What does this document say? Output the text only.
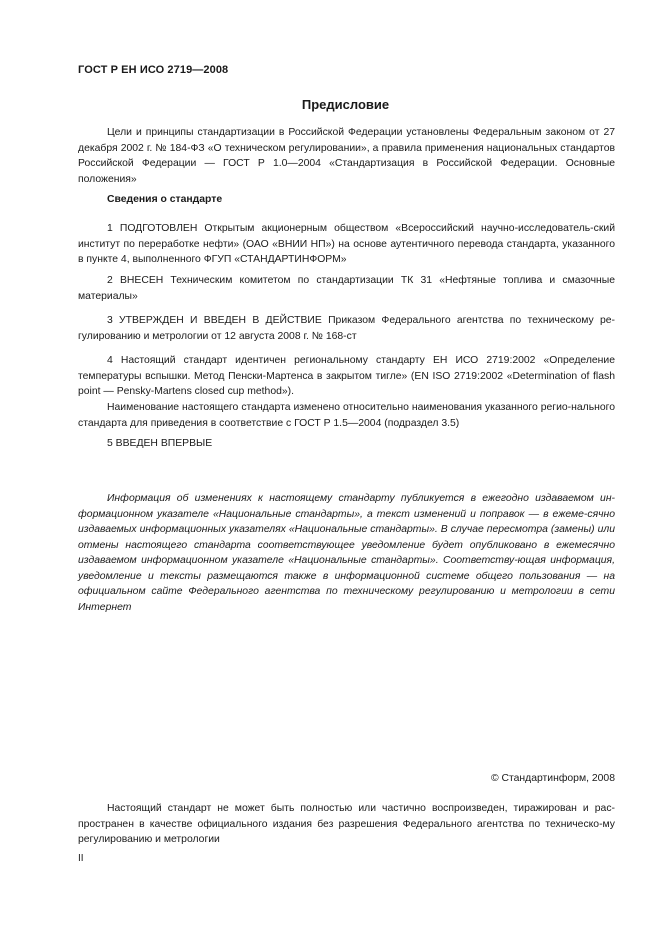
ГОСТ Р ЕН ИСО 2719—2008
Предисловие
Цели и принципы стандартизации в Российской Федерации установлены Федеральным законом от 27 декабря 2002 г. № 184-ФЗ «О техническом регулировании», а правила применения национальных стандартов Российской Федерации — ГОСТ Р 1.0—2004 «Стандартизация в Российской Федерации. Основные положения»
Сведения о стандарте
1 ПОДГОТОВЛЕН Открытым акционерным обществом «Всероссийский научно-исследователь-ский институт по переработке нефти» (ОАО «ВНИИ НП») на основе аутентичного перевода стандарта, указанного в пункте 4, выполненного ФГУП «СТАНДАРТИНФОРМ»
2 ВНЕСЕН Техническим комитетом по стандартизации ТК 31 «Нефтяные топлива и смазочные материалы»
3 УТВЕРЖДЕН И ВВЕДЕН В ДЕЙСТВИЕ Приказом Федерального агентства по техническому ре-гулированию и метрологии от 12 августа 2008 г. № 168-ст
4 Настоящий стандарт идентичен региональному стандарту ЕН ИСО 2719:2002 «Определение температуры вспышки. Метод Пенски-Мартенса в закрытом тигле» (EN ISO 2719:2002 «Determination of flash point — Pensky-Martens closed cup method»).
Наименование настоящего стандарта изменено относительно наименования указанного регио-нального стандарта для приведения в соответствие с ГОСТ Р 1.5—2004 (подраздел 3.5)
5 ВВЕДЕН ВПЕРВЫЕ
Информация об изменениях к настоящему стандарту публикуется в ежегодно издаваемом ин-формационном указателе «Национальные стандарты», а текст изменений и поправок — в ежеме-сячно издаваемых информационных указателях «Национальные стандарты». В случае пересмотра (замены) или отмены настоящего стандарта соответствующее уведомление будет опубликовано в ежемесячно издаваемом информационном указателе «Национальные стандарты». Соответству-ющая информация, уведомление и тексты размещаются также в информационной системе общего пользования — на официальном сайте Федерального агентства по техническому регулированию и метрологии в сети Интернет
© Стандартинформ, 2008
Настоящий стандарт не может быть полностью или частично воспроизведен, тиражирован и рас-пространен в качестве официального издания без разрешения Федерального агентства по техническо-му регулированию и метрологии
II
